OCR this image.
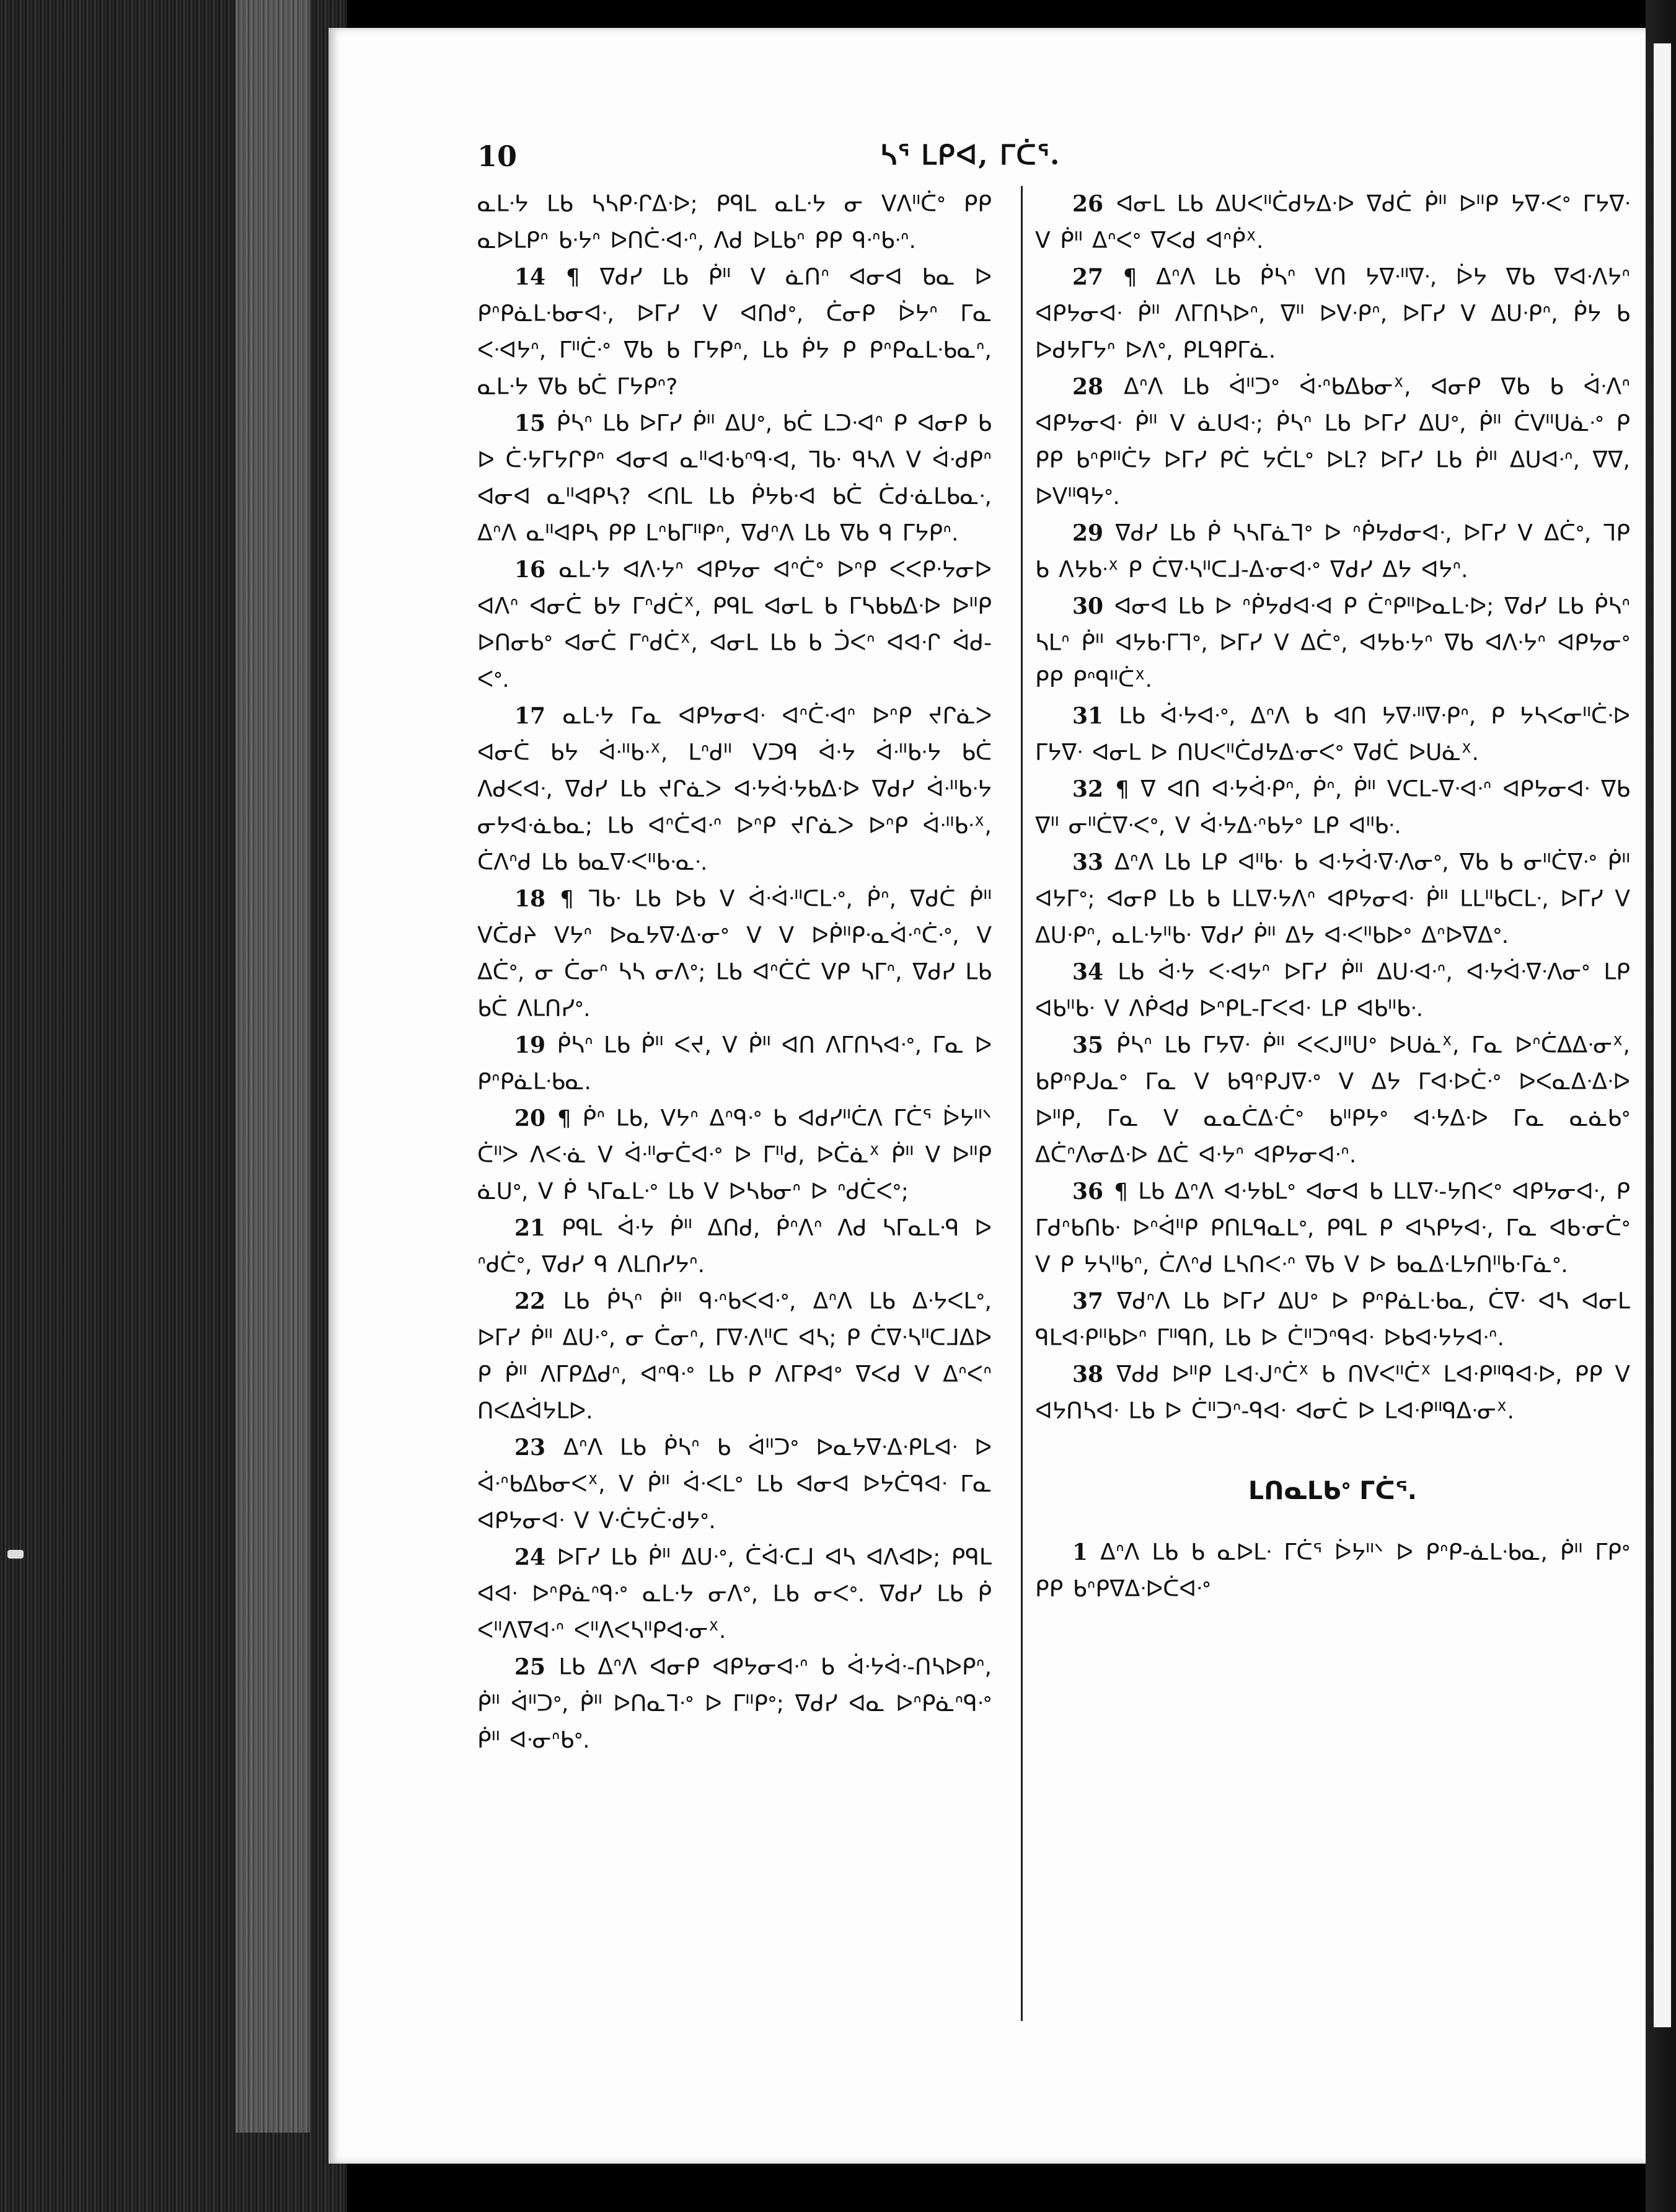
10	ᓴᕐ ᒪᑭᐊ, ᒥᑖᕐ.

ᓇᒪᐧᔭ ᒪᑲ ᓴᓴᑭᐧᒋᐃᐧᐅ; ᑭᑫᒪ ᓇᒪᐧᔭ ᓂ ᐯᐱᐦᑖᐤ ᑭᑭ ᓇᐅᒪᑭᐢ ᑲᐧᔭᐢ ᐅᑎᑖᐧᐊᐧᐢ, ᐱᑯ ᐅᒪᑲᐢ ᑭᑭ ᑫᐧᐢᑲᐧᐢ.

14 ¶ ᐁᑯᓯ ᒪᑲ ᑮᐦ ᐯ ᓈᑎᐢ ᐊᓂᐊ ᑲᓇ ᐅ ᑭᐢᑭᓈᒪᐧᑲᓂᐊᐧ, ᐅᒥᓯ ᐯ ᐊᑎᑯᐤ, ᑖᓂᑭ ᐆᔭᐢ ᒥᓇ ᐸᐧᐊᔭᐢ, ᒥᐦᑖᐧᐤ ᐁᑲ ᑲ ᒥᔭᑭᐢ, ᒪᑲ ᑮᔭ ᑭ ᑭᐢᑭᓇᒪᐧᑲᓇᐢ, ᓇᒪᐧᔭ ᐁᑲ ᑲᑖ ᒥᔭᑭᐢ?

15 ᑮᓴᐢ ᒪᑲ ᐅᒥᓯ ᑮᐦ ᐃᑌᐤ, ᑲᑖ ᒪᑐᐧᐊᐢ ᑭ ᐊᓂᑭ ᑲ ᐅ ᑖᐧᔭᒥᔭᒋᑭᐢ ᐊᓂᐊ ᓇᐦᐊᐧᑲᐢᑫᐧᐊ, ᒣᑲᐧ ᑫᓴᐱ ᐯ ᐋᐧᑯᑭᐢ ᐊᓂᐊ ᓇᐦᐊᑭᓴ? ᐸᑎᒪ ᒪᑲ ᑮᔭᑲᐧᐊ ᑲᑖ ᑖᑯᐧᓈᒪᑲᓇᐧ, ᐃᐢᐱ ᓇᐦᐊᑭᓴ ᑭᑭ ᒪᐢᑲᒥᐦᑭᐢ, ᐁᑯᐢᐱ ᒪᑲ ᐁᑲ ᑫ ᒥᔭᑭᐢ.

16 ᓇᒪᐧᔭ ᐊᐱᐧᔭᐢ ᐊᑭᔭᓂ ᐊᐢᑖᐤ ᐅᐢᑭ ᐸᐸᑭᐧᔭᓂᐅ ᐊᐱᐢ ᐊᓂᑖ ᑲᔭ ᒥᐢᑯᑖᕽ, ᑭᑫᒪ ᐊᓂᒪ ᑲ ᒥᓴᑲᑲᐃᐧᐅ ᐅᐦᑭ ᐅᑎᓂᑲᐤ ᐊᓂᑖ ᒥᐢᑯᑖᕽ, ᐊᓂᒪ ᒪᑲ ᑲ ᑑᐸᐢ ᐊᐊᐧᒋ ᐋᑯ-ᐸᐤ.

17 ᓇᒪᐧᔭ ᒥᓇ ᐊᑭᔭᓂᐊᐧ ᐊᐢᑖᐧᐊᐢ ᐅᐢᑭ ᔪᒋᓈᐳ ᐊᓂᑖ ᑲᔭ ᐋᐧᐦᑲᐧᕽ, ᒪᐢᑯᐦ ᐯᑐᑫ ᐋᐧᔭ ᐋᐧᐦᑲᐧᔭ ᑲᑖ ᐱᑯᐸᐊᐧ, ᐁᑯᓯ ᒪᑲ ᔪᒋᓈᐳ ᐊᐧᔭᐋᐧᔭᑲᐃᐧᐅ ᐁᑯᓯ ᐋᐧᐦᑲᐧᔭ ᓂᔭᐊᐧᓈᑲᓇ; ᒪᑲ ᐊᐢᑖᐊᐧᐢ ᐅᐢᑭ ᔪᒋᓈᐳ ᐅᐢᑭ ᐋᐧᐦᑲᐧᕽ, ᑖᐱᐢᑯ ᒪᑲ ᑲᓇᐁᐧᐸᐦᑲᐧᓇᐧ.

18 ¶ ᒣᑲᐧ ᒪᑲ ᐅᑲ ᐯ ᐋᐧᐋᐧᐦᑕᒪᐧᐤ, ᑮᐢ, ᐁᑯᑖ ᑮᐦ ᐯᑖᑯᔨ ᐯᔭᐢ ᐅᓇᔭᐁᐧᐃᐧᓂᐤ ᐯ ᐯ ᐅᑮᐦᑭᐧᓇᐋᐧᐢᑖᐧᐤ, ᐯ ᐃᑖᐤ, ᓂ ᑖᓂᐢ ᓴᓴ ᓂᐱᐤ; ᒪᑲ ᐊᐢᑖᑖ ᐯᑭ ᓴᒥᐢ, ᐁᑯᓯ ᒪᑲ ᑲᑖ ᐱᒪᑎᓯᐤ.

19 ᑮᓴᐢ ᒪᑲ ᑮᐦ ᐸᔪ, ᐯ ᑮᐦ ᐊᑎ ᐱᒥᑎᓴᐊᐧᐤ, ᒥᓇ ᐅ ᑭᐢᑭᓈᒪᐧᑲᓇ.

20 ¶ ᑮᐢ ᒪᑲ, ᐯᔭᐢ ᐃᐢᑫᐧᐤ ᑲ ᐊᑯᓯᐦᑖᐱ ᒥᑖᕐ ᐆᔭᐦᐠ ᑖᐦᐳ ᐱᐸᐧᓈ ᐯ ᐋᐧᐦᓂᑖᐊᐧᐤ ᐅ ᒥᐦᑯ, ᐅᑖᓈᕽ ᑮᐦ ᐯ ᐅᐦᑭ ᓈᑌᐤ, ᐯ ᑮ ᓴᒥᓇᒪᐧᐤ ᒪᑲ ᐯ ᐅᓴᑲᓂᐢ ᐅ ᐢᑯᑖᐸᐤ;

21 ᑭᑫᒪ ᐋᐧᔭ ᑮᐦ ᐃᑎᑯ, ᑮᐢᐱᐢ ᐱᑯ ᓴᒥᓇᒪᐧᑫ ᐅ ᐢᑯᑖᐤ, ᐁᑯᓯ ᑫ ᐱᒪᑎᓯᔭᐢ.

22 ᒪᑲ ᑮᓴᐢ ᑮᐦ ᑫᐧᐢᑲᐸᐊᐧᐤ, ᐃᐢᐱ ᒪᑲ ᐃᐧᔭᐸᒪᐤ, ᐅᒥᓯ ᑮᐦ ᐃᑌᐧᐤ, ᓂ ᑖᓂᐢ, ᒥᐁᐧᐱᐦᑕ ᐊᓴ; ᑭ ᑖᐁᐧᓴᐦᑕᒧᐃᐅ ᑭ ᑮᐦ ᐱᒥᑭᐃᑯᐢ, ᐊᐢᑫᐧᐤ ᒪᑲ ᑭ ᐱᒥᑭᐊᐤ ᐁᐸᑯ ᐯ ᐃᐢᐸᐢ ᑎᐸᐃᐋᔭᒪᐅ.

23 ᐃᐢᐱ ᒪᑲ ᑮᓴᐢ ᑲ ᐋᐦᑐᐤ ᐅᓇᔭᐁᐧᐃᐧᑭᒪᐊᐧ ᐅ ᐋᐧᐢᑲᐃᑲᓂᐸᕽ, ᐯ ᑮᐦ ᐋᐧᐸᒪᐤ ᒪᑲ ᐊᓂᐊ ᐅᔭᑖᑫᐊᐧ ᒥᓇ ᐊᑭᔭᓂᐊᐧ ᐯ ᐯᐧᑖᔭᑖᐧᑯᔭᐤ.

24 ᐅᒥᓯ ᒪᑲ ᑮᐦ ᐃᑌᐧᐤ, ᑖᐋᐧᑕᒧ ᐊᓴ ᐊᐱᐊᐅ; ᑭᑫᒪ ᐊᐊᐧ ᐅᐢᑭᓈᐢᑫᐧᐤ ᓇᒪᐧᔭ ᓂᐱᐤ, ᒪᑲ ᓂᐸᐤ. ᐁᑯᓯ ᒪᑲ ᑮ ᐸᐦᐱᐁᐊᐧᐢ ᐸᐦᐱᐸᓴᐦᑭᐊᐧᓂᕽ.

25 ᒪᑲ ᐃᐢᐱ ᐊᓂᑭ ᐊᑭᔭᓂᐊᐧᐢ ᑲ ᐋᐧᔭᐋᐧ-ᑎᓴᐅᑭᐢ, ᑮᐦ ᐋᐦᑐᐤ, ᑮᐦ ᐅᑎᓇᒣᐧᐤ ᐅ ᒥᐦᑭᐤ; ᐁᑯᓯ ᐊᓇ ᐅᐢᑭᓈᐢᑫᐧᐤ ᑮᐦ ᐊᐧᓂᐢᑲᐤ.

26 ᐊᓂᒪ ᒪᑲ ᐃᑌᐸᐦᑖᑯᔭᐃᐧᐅ ᐁᑯᑖ ᑮᐦ ᐅᐦᑭ ᔭᐁᐧᐸᐤ ᒥᔭᐁᐧ ᐯ ᑮᐦ ᐃᐢᐸᐤ ᐁᐸᑯ ᐊᐢᑮᕽ.

27 ¶ ᐃᐢᐱ ᒪᑲ ᑮᓴᐢ ᐯᑎ ᔭᐁᐧᐦᐁᐧ, ᐆᔭ ᐁᑲ ᐁᐊᐧᐱᔭᐢ ᐊᑭᔭᓂᐊᐧ ᑮᐦ ᐱᒥᑎᓴᐅᐢ, ᐁᐦ ᐅᐯᐧᑭᐢ, ᐅᒥᓯ ᐯ ᐃᑌᐧᑭᐢ, ᑮᔭ ᑲ ᐅᑯᔭᒥᔭᐢ ᐅᐱᐤ, ᑭᒪᑫᑭᒥᓈ.

28 ᐃᐢᐱ ᒪᑲ ᐋᐦᑐᐤ ᐋᐧᐢᑲᐃᑲᓂᕽ, ᐊᓂᑭ ᐁᑲ ᑲ ᐋᐧᐱᐢ ᐊᑭᔭᓂᐊᐧ ᑮᐦ ᐯ ᓈᑌᐊᐧ; ᑮᓴᐢ ᒪᑲ ᐅᒥᓯ ᐃᑌᐤ, ᑮᐦ ᑖᐯᐦᑌᓈᐧᐤ ᑭ ᑭᑭ ᑲᐢᑭᐦᑖᔭ ᐅᒥᓯ ᑭᑖ ᔭᑖᒪᐤ ᐅᒪ? ᐅᒥᓯ ᒪᑲ ᑮᐦ ᐃᑌᐊᐧᐢ, ᐁᐁ, ᐅᐯᐦᑫᔭᐤ.

29 ᐁᑯᓯ ᒪᑲ ᑮ ᓴᓴᒥᓈᒣᐤ ᐅ ᐢᑮᔭᑯᓂᐊᐧ, ᐅᒥᓯ ᐯ ᐃᑖᐤ, ᒣᑭ ᑲ ᐱᔭᑲᐧᕽ ᑭ ᑖᐁᐧᓴᐦᑕᒧ-ᐃᐧᓂᐊᐧᐤ ᐁᑯᓯ ᐃᔭ ᐊᔭᐢ.

30 ᐊᓂᐊ ᒪᑲ ᐅ ᐢᑮᔭᑯᐊᐧᐊ ᑭ ᑖᐢᑭᐦᐅᓇᒪᐧᐅ; ᐁᑯᓯ ᒪᑲ ᑮᓴᐢ ᓴᒪᐢ ᑮᐦ ᐊᔭᑲᐧᒥᒣᐤ, ᐅᒥᓯ ᐯ ᐃᑖᐤ, ᐊᔭᑲᐧᔭᐢ ᐁᑲ ᐊᐱᐧᔭᐢ ᐊᑭᔭᓂᐤ ᑭᑭ ᑭᐢᑫᐦᑖᕽ.

31 ᒪᑲ ᐋᐧᔭᐊᐧᐤ, ᐃᐢᐱ ᑲ ᐊᑎ ᔭᐁᐧᐦᐁᐧᑭᐢ, ᑭ ᔭᓴᐸᓂᐦᑖᐧᐅ ᒥᔭᐁᐧ ᐊᓂᒪ ᐅ ᑎᑌᐸᐦᑖᑯᔭᐃᐧᓂᐸᐤ ᐁᑯᑖ ᐅᑌᓈᕽ.

32 ¶ ᐁ ᐊᑎ ᐊᐧᔭᐋᐧᑭᐢ, ᑮᐢ, ᑮᐦ ᐯᑕᒪ-ᐁᐧᐊᐧᐢ ᐊᑭᔭᓂᐊᐧ ᐁᑲ ᐁᐦ ᓂᐦᑖᐁᐧᐸᐤ, ᐯ ᐋᐧᔭᐃᐧᐢᑲᔭᐤ ᒪᑭ ᐊᐦᑲᐧ.

33 ᐃᐢᐱ ᒪᑲ ᒪᑭ ᐊᐦᑲᐧ ᑲ ᐊᐧᔭᐋᐧᐁᐧᐱᓂᐤ, ᐁᑲ ᑲ ᓂᐦᑖᐁᐧᐤ ᑮᐦ ᐊᔭᒥᐤ; ᐊᓂᑭ ᒪᑲ ᑲ ᒪᒪᐁᐧᔭᐱᐢ ᐊᑭᔭᓂᐊᐧ ᑮᐦ ᒪᒪᐦᑲᑕᒪᐧ, ᐅᒥᓯ ᐯ ᐃᑌᐧᑭᐢ, ᓇᒪᐧᔭᐦᑲᐧ ᐁᑯᓯ ᑮᐦ ᐃᔭ ᐊᐧᐸᐦᑲᐅᐤ ᐃᐢᐅᐁᐃᐤ.

34 ᒪᑲ ᐋᐧᔭ ᐸᐧᐊᔭᐢ ᐅᒥᓯ ᑮᐦ ᐃᑌᐧᐊᐧᐢ, ᐊᐧᔭᐋᐧᐁᐧᐱᓂᐤ ᒪᑭ ᐊᑲᐦᑲᐧ ᐯ ᐱᑮᐊᑯ ᐅᐢᑭᒪ-ᒥᐸᐊᐧ ᒪᑭ ᐊᑲᐦᑲᐧ.

35 ᑮᓴᐢ ᒪᑲ ᒥᔭᐁᐧ ᑮᐦ ᐸᐸᒍᐦᑌᐤ ᐅᑌᓈᕽ, ᒥᓇ ᐅᐢᑖᐃᐃᐧᓂᕽ, ᑲᑭᐢᑭᒍᓇᐤ ᒥᓇ ᐯ ᑲᑫᐢᑭᒍᐁᐧᐤ ᐯ ᐃᔭ ᒥᐊᐧᐅᑖᐧᐤ ᐅᐸᓇᐃᐧᐃᐧᐅ ᐅᐦᑭ, ᒥᓇ ᐯ ᓇᓇᑖᐃᐧᑖᐤ ᑲᐦᑭᔭᐤ ᐊᐧᔭᐃᐧᐅ ᒥᓇ ᓇᓈᑲᐤ ᐃᑖᐢᐱᓂᐃᐧᐅ ᐃᑖ ᐊᐧᔭᐢ ᐊᑭᔭᓂᐊᐧᐢ.

36 ¶ ᒪᑲ ᐃᐢᐱ ᐊᐧᔭᑲᒪᐤ ᐊᓂᐊ ᑲ ᒪᒪᐁᐧ-ᔭᑎᐸᐤ ᐊᑭᔭᓂᐊᐧ, ᑭ ᒥᑯᐢᑲᑎᑲᐧ ᐅᐢᐋᐦᑭ ᑭᑎᒪᑫᓇᒪᐤ, ᑭᑫᒪ ᑭ ᐊᓴᑭᔭᐊᐧ, ᒥᓇ ᐊᑲᐧᓂᑖᐤ ᐯ ᑭ ᔭᓴᐦᑲᐢ, ᑖᐱᐢᑯ ᒪᓴᑎᐸᐧᐢ ᐁᑲ ᐯ ᐅ ᑲᓇᐃᐧᒪᔭᑎᐦᑲᐧᒥᓈᐤ.

37 ᐁᑯᐢᐱ ᒪᑲ ᐅᒥᓯ ᐃᑌᐤ ᐅ ᑭᐢᑭᓈᒪᐧᑲᓇ, ᑖᐁᐧ ᐊᓴ ᐊᓂᒪ ᑫᒪᐊᐧᑭᐦᑲᐅᐢ ᒥᐦᑫᑎ, ᒪᑲ ᐅ ᑖᐦᑐᐢᑫᐊᐧ ᐅᑲᐊᐧᔭᔭᐊᐧᐢ.

38 ᐁᑯᑯ ᐅᐦᑭ ᒪᐊᐧᒍᐢᑖᕽ ᑲ ᑎᐯᐸᐦᑖᕽ ᒪᐊᐧᑭᐦᑫᐊᐧᐅ, ᑭᑭ ᐯ ᐊᔭᑎᓴᐊᐧ ᒪᑲ ᐅ ᑖᐦᑐᐢ-ᑫᐊᐧ ᐊᓂᑖ ᐅ ᒪᐊᐧᑭᐦᑫᐃᐧᓂᕽ.

ᒪᑎᓇᒪᑲᐤ ᒥᑖᕐ.

1 ᐃᐢᐱ ᒪᑲ ᑲ ᓇᐅᒪᐧ ᒥᑖᕐ ᐆᔭᐦᐠ ᐅ ᑭᐢᑭ-ᓈᒪᐧᑲᓇ, ᑮᐦ ᒥᑭᐤ ᑭᑭ ᑲᐢᑭᐁᐃᐧᐅᑖᐊᐧᐤ
